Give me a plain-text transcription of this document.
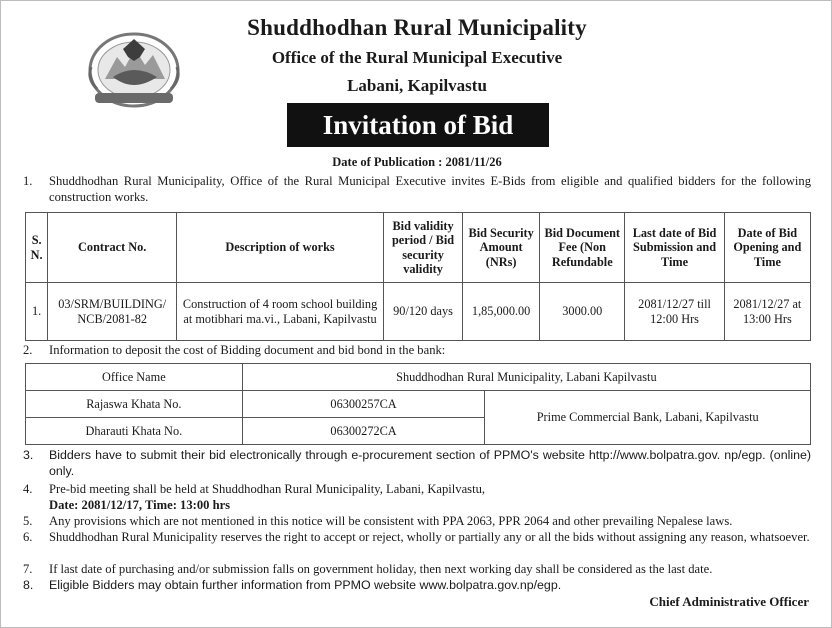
Shuddhodhan Rural Municipality
Office of the Rural Municipal Executive
Labani, Kapilvastu
Invitation of Bid
Date of Publication : 2081/11/26
1. Shuddhodhan Rural Municipality, Office of the Rural Municipal Executive invites E-Bids from eligible and qualified bidders for the following construction works.
S. N.	Contract No.	Description of works	Bid validity period / Bid security validity	Bid Security Amount (NRs)	Bid Document Fee (Non Refundable	Last date of Bid Submission and Time	Date of Bid Opening and Time
1.	03/SRM/BUILDING/ NCB/2081-82	Construction of 4 room school building at motibhari ma.vi., Labani, Kapilvastu	90/120 days	1,85,000.00	3000.00	2081/12/27 till 12:00 Hrs	2081/12/27 at 13:00 Hrs
2. Information to deposit the cost of Bidding document and bid bond in the bank:
Office Name	Shuddhodhan Rural Municipality, Labani Kapilvastu	
Rajaswa Khata No.	06300257CA	Prime Commercial Bank, Labani, Kapilvastu
Dharauti Khata No.	06300272CA	
3. Bidders have to submit their bid electronically through e-procurement section of PPMO's website http://www.bolpatra.gov. np/egp. (online) only.
4. Pre-bid meeting shall be held at Shuddhodhan Rural Municipality, Labani, Kapilvastu,
Date: 2081/12/17, Time: 13:00 hrs
5. Any provisions which are not mentioned in this notice will be consistent with PPA 2063, PPR 2064 and other prevailing Nepalese laws.
6. Shuddhodhan Rural Municipality reserves the right to accept or reject, wholly or partially any or all the bids without assigning any reason, whatsoever.
7. If last date of purchasing and/or submission falls on government holiday, then next working day shall be considered as the last date.
8. Eligible Bidders may obtain further information from PPMO website www.bolpatra.gov.np/egp.
Chief Administrative Officer
